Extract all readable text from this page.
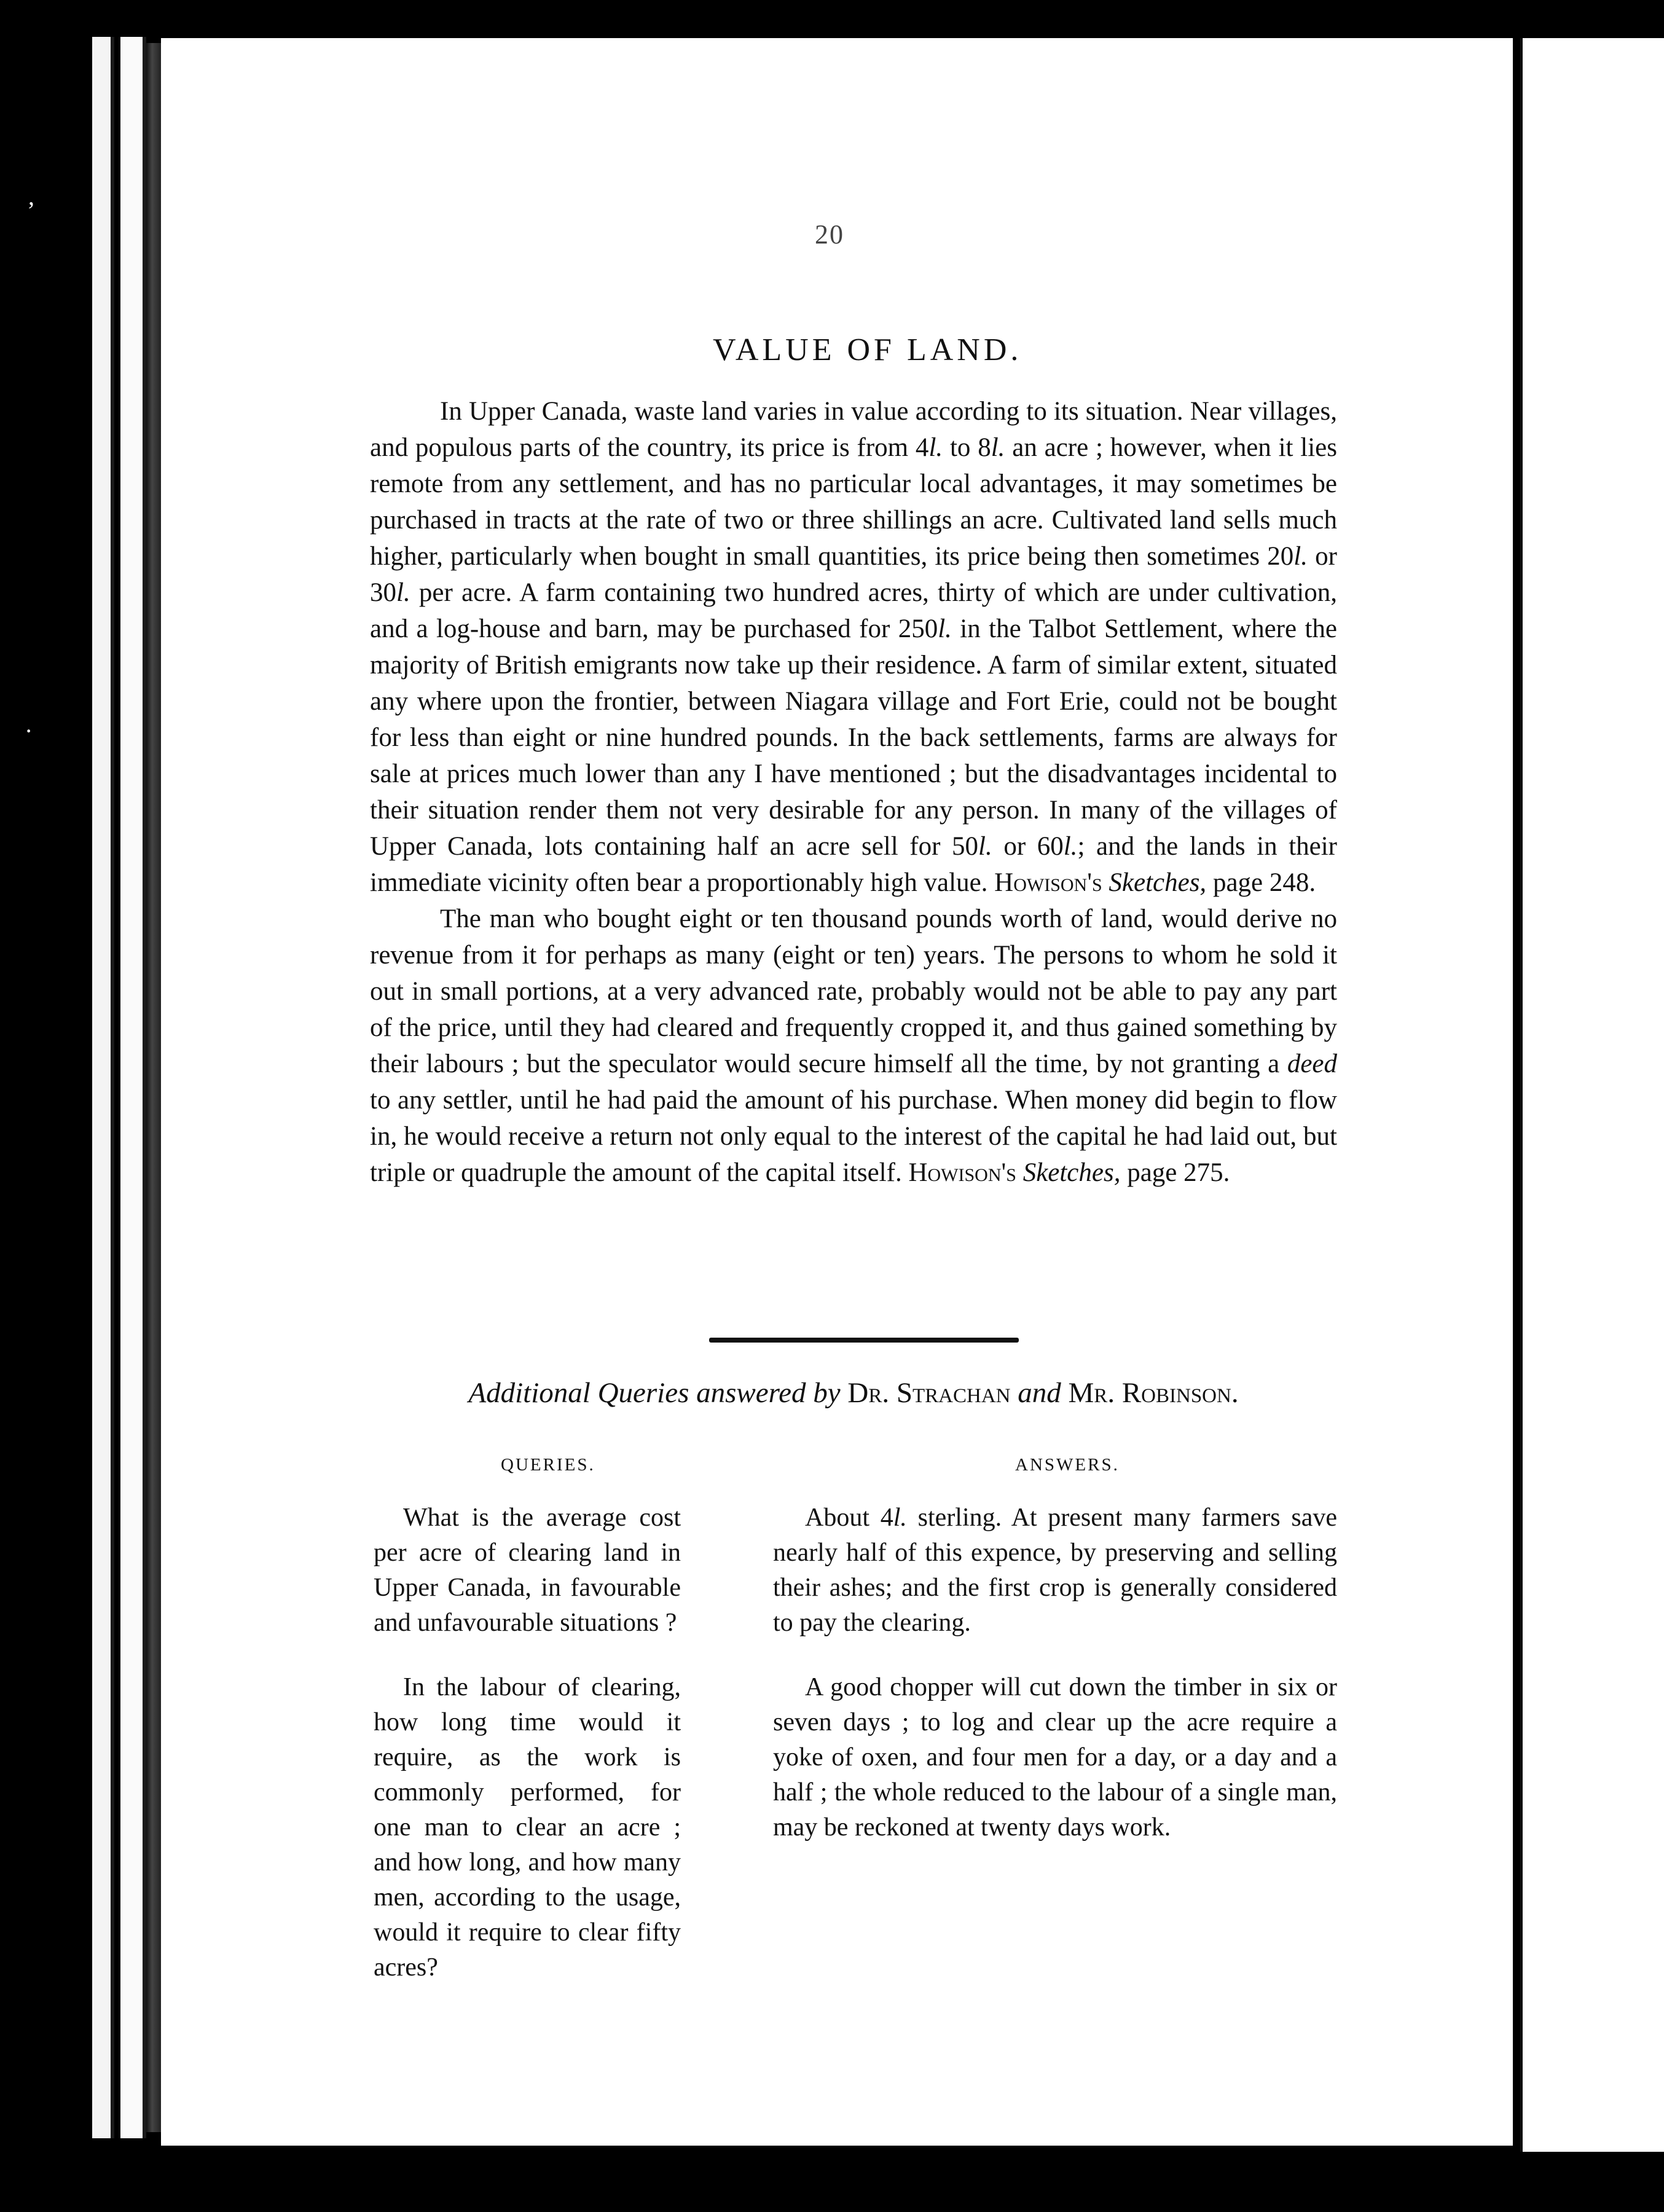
‚
·
20
VALUE OF LAND.

In Upper Canada, waste land varies in value according to its situation. Near villages, and populous parts of the country, its price is from 4l. to 8l. an acre ; however, when it lies remote from any settlement, and has no particular local advantages, it may sometimes be purchased in tracts at the rate of two or three shillings an acre. Cultivated land sells much higher, particularly when bought in small quantities, its price being then sometimes 20l. or 30l. per acre. A farm containing two hundred acres, thirty of which are under cultivation, and a log-house and barn, may be purchased for 250l. in the Talbot Settlement, where the majority of British emigrants now take up their residence. A farm of similar extent, situated any where upon the frontier, between Niagara village and Fort Erie, could not be bought for less than eight or nine hundred pounds. In the back settlements, farms are always for sale at prices much lower than any I have mentioned ; but the disadvantages incidental to their situation render them not very desirable for any person. In many of the villages of Upper Canada, lots containing half an acre sell for 50l. or 60l.; and the lands in their immediate vicinity often bear a proportionably high value. Howison's Sketches, page 248.

The man who bought eight or ten thousand pounds worth of land, would derive no revenue from it for perhaps as many (eight or ten) years. The persons to whom he sold it out in small portions, at a very advanced rate, probably would not be able to pay any part of the price, until they had cleared and frequently cropped it, and thus gained something by their labours ; but the speculator would secure himself all the time, by not granting a deed to any settler, until he had paid the amount of his purchase. When money did begin to flow in, he would receive a return not only equal to the interest of the capital he had laid out, but triple or quadruple the amount of the capital itself. Howison's Sketches, page 275.

Additional Queries answered by Dr. Strachan and Mr. Robinson.
QUERIES.	ANSWERS.
What is the average cost per acre of clearing land in Upper Canada, in favourable and unfavourable situations ?
About 4l. sterling. At present many farmers save nearly half of this expence, by preserving and selling their ashes; and the first crop is generally considered to pay the clearing.
In the labour of clearing, how long time would it require, as the work is commonly performed, for one man to clear an acre ; and how long, and how many men, according to the usage, would it require to clear fifty acres?
A good chopper will cut down the timber in six or seven days ; to log and clear up the acre require a yoke of oxen, and four men for a day, or a day and a half ; the whole reduced to the labour of a single man, may be reckoned at twenty days work.
